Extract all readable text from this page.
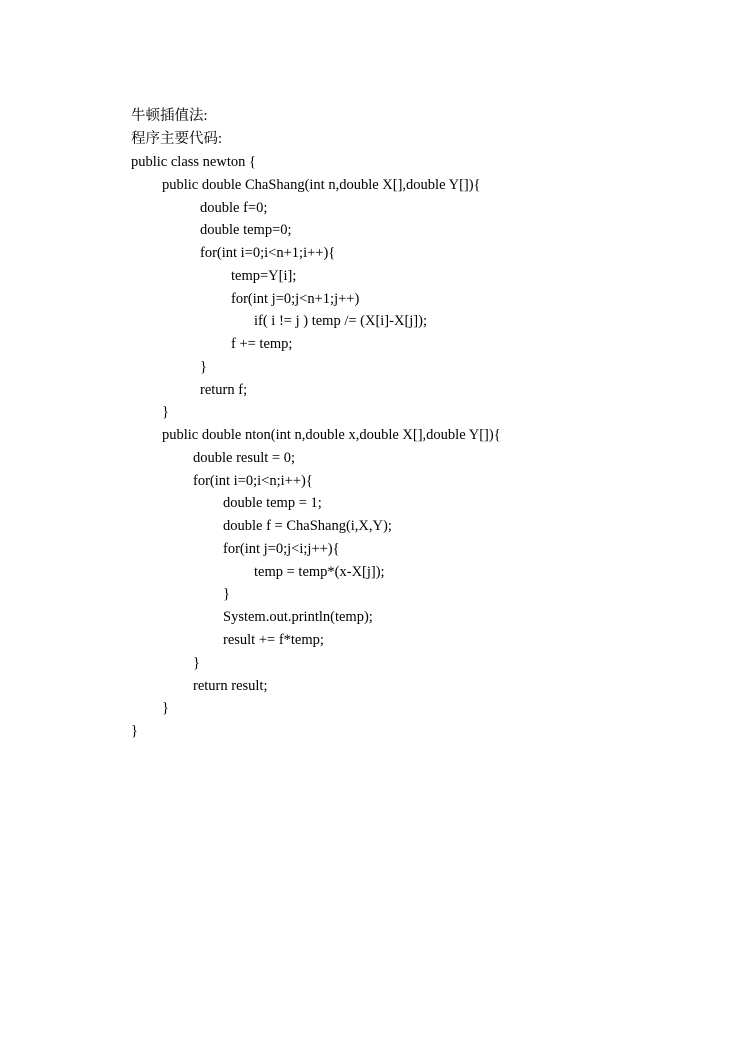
牛顿插值法:
程序主要代码:
public class newton {
public double ChaShang(int n,double X[],double Y[]){
double f=0;
double temp=0;
for(int i=0;i<n+1;i++){
temp=Y[i];
for(int j=0;j<n+1;j++)
if( i != j ) temp /= (X[i]-X[j]);
f += temp;
}
return f;
}
public double nton(int n,double x,double X[],double Y[]){
double result = 0;
for(int i=0;i<n;i++){
double temp = 1;
double f = ChaShang(i,X,Y);
for(int j=0;j<i;j++){
temp = temp*(x-X[j]);
}
System.out.println(temp);
result += f*temp;
}
return result;
}
}
